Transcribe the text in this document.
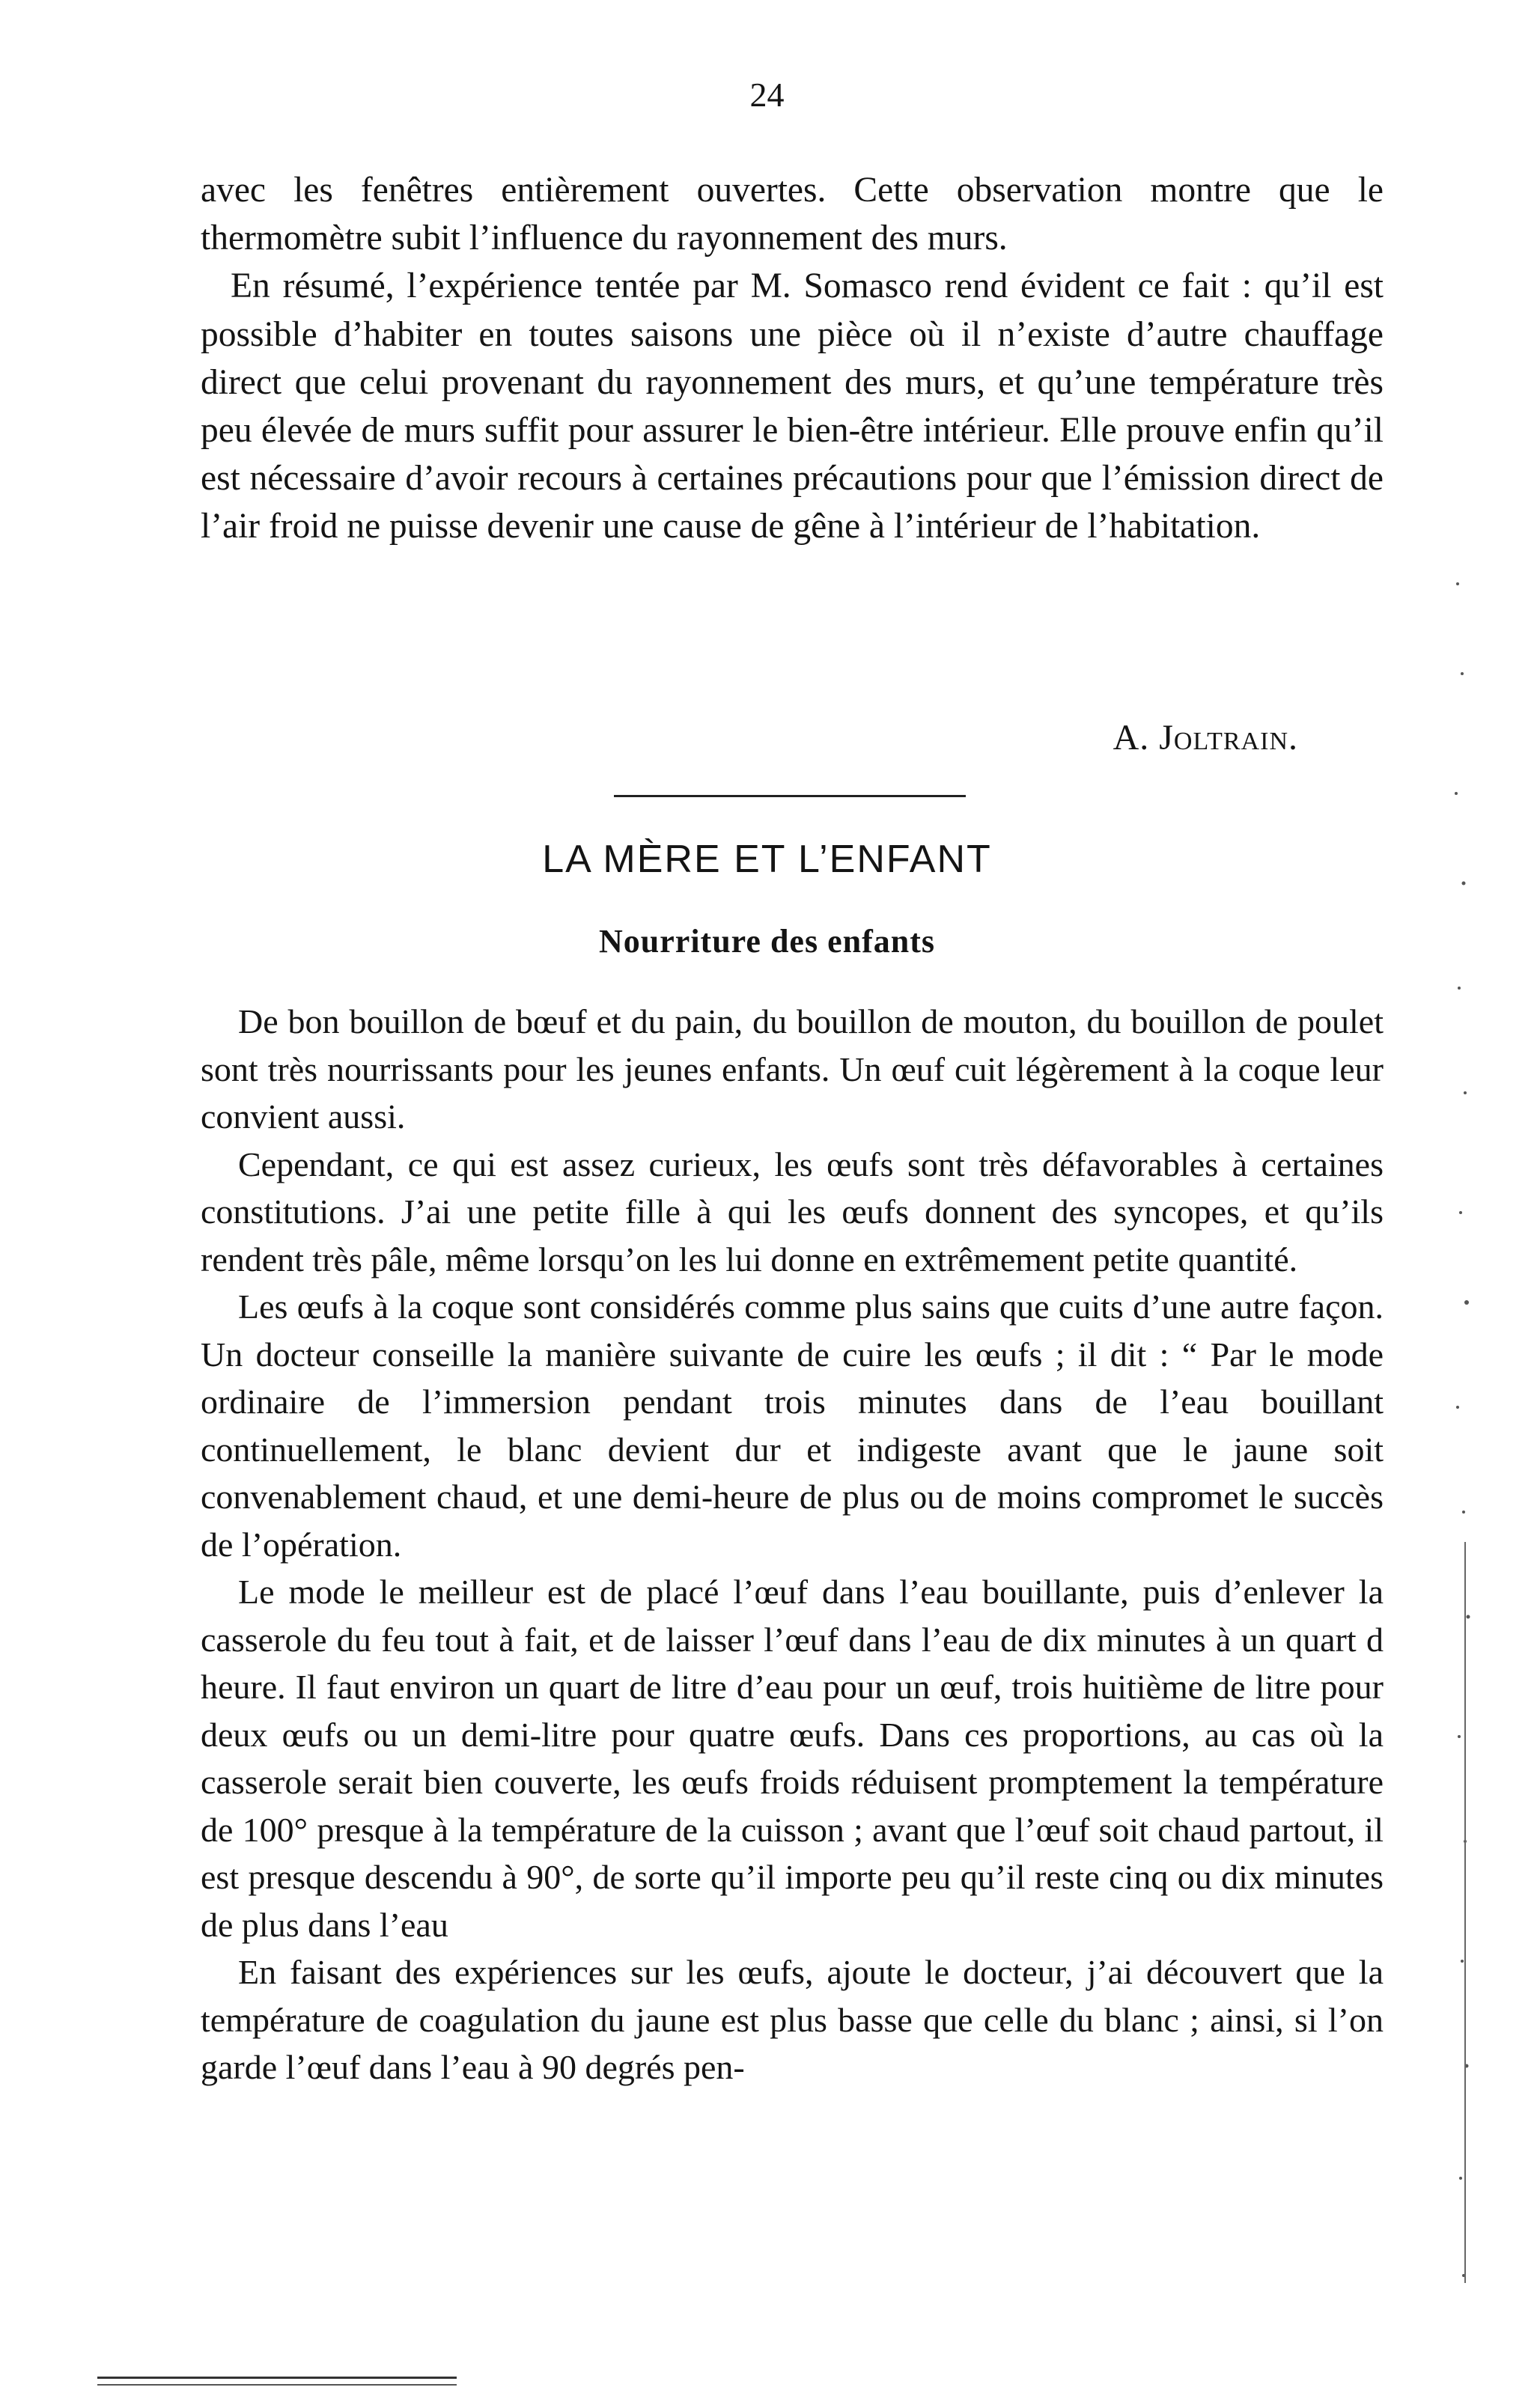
24

avec les fenêtres entièrement ouvertes. Cette observation montre que le thermomètre subit l’influence du rayonnement des murs.

En résumé, l’expérience tentée par M. Somasco rend évident ce fait : qu’il est possible d’habiter en toutes saisons une pièce où il n’existe d’autre chauffage direct que celui provenant du rayonnement des murs, et qu’une température très peu élevée de murs suffit pour assurer le bien-être intérieur. Elle prouve enfin qu’il est nécessaire d’avoir recours à certaines précautions pour que l’émission direct de l’air froid ne puisse devenir une cause de gêne à l’intérieur de l’habitation.

A. Joltrain.
LA MÈRE ET L’ENFANT
Nourriture des enfants

De bon bouillon de bœuf et du pain, du bouillon de mouton, du bouillon de poulet sont très nourrissants pour les jeunes enfants. Un œuf cuit légèrement à la coque leur convient aussi.

Cependant, ce qui est assez curieux, les œufs sont très défavorables à certaines constitutions. J’ai une petite fille à qui les œufs donnent des syncopes, et qu’ils rendent très pâle, même lorsqu’on les lui donne en extrêmement petite quantité.

Les œufs à la coque sont considérés comme plus sains que cuits d’une autre façon. Un docteur conseille la manière suivante de cuire les œufs ; il dit : “ Par le mode ordinaire de l’immersion pendant trois minutes dans de l’eau bouillant continuellement, le blanc devient dur et indigeste avant que le jaune soit convenablement chaud, et une demi-heure de plus ou de moins compromet le succès de l’opération.

Le mode le meilleur est de placé l’œuf dans l’eau bouillante, puis d’enlever la casserole du feu tout à fait, et de laisser l’œuf dans l’eau de dix minutes à un quart d heure. Il faut environ un quart de litre d’eau pour un œuf, trois huitième de litre pour deux œufs ou un demi-litre pour quatre œufs. Dans ces proportions, au cas où la casserole serait bien couverte, les œufs froids réduisent promptement la température de 100° presque à la température de la cuisson ; avant que l’œuf soit chaud partout, il est presque descendu à 90°, de sorte qu’il importe peu qu’il reste cinq ou dix minutes de plus dans l’eau

En faisant des expériences sur les œufs, ajoute le docteur, j’ai découvert que la température de coagulation du jaune est plus basse que celle du blanc ; ainsi, si l’on garde l’œuf dans l’eau à 90 degrés pen-
